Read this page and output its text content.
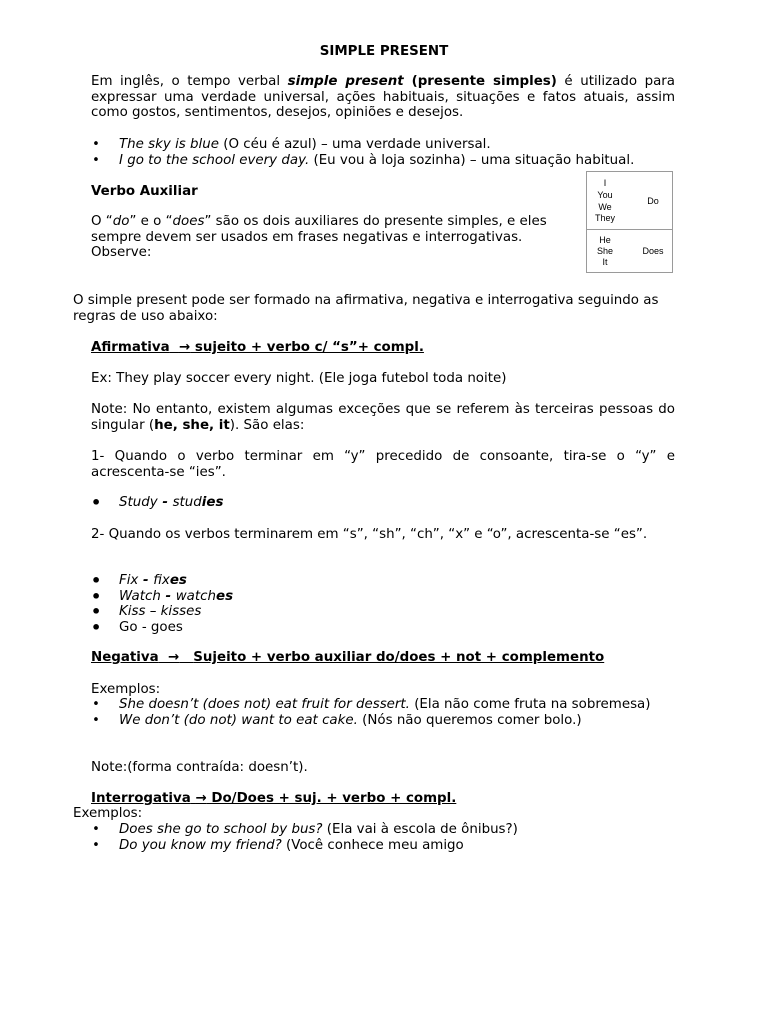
SIMPLE PRESENT
Em inglês, o tempo verbal simple present (presente simples) é utilizado para expressar uma verdade universal, ações habituais, situações e fatos atuais, assim como gostos, sentimentos, desejos, opiniões e desejos.
• The sky is blue (O céu é azul) – uma verdade universal.
• I go to the school every day. (Eu vou à loja sozinha) – uma situação habitual.
Verbo Auxiliar
O “do” e o “does” são os dois auxiliares do presente simples, e eles sempre devem ser usados em frases negativas e interrogativas. Observe:
I
You
We
They
Do
He
She
It
Does
O simple present pode ser formado na afirmativa, negativa e interrogativa seguindo as regras de uso abaixo:
Afirmativa → sujeito + verbo c/ “s”+ compl.
Ex: They play soccer every night. (Ele joga futebol toda noite)
Note: No entanto, existem algumas exceções que se referem às terceiras pessoas do singular (he, she, it). São elas:
1- Quando o verbo terminar em “y” precedido de consoante, tira-se o “y” e acrescenta-se “ies”.
• Study - studies
2- Quando os verbos terminarem em “s”, “sh”, “ch”, “x” e “o”, acrescenta-se “es”.
• Fix - fixes
• Watch - watches
• Kiss – kisses
• Go - goes
Negativa → Sujeito + verbo auxiliar do/does + not + complemento
Exemplos:
• She doesn’t (does not) eat fruit for dessert. (Ela não come fruta na sobremesa)
• We don’t (do not) want to eat cake. (Nós não queremos comer bolo.)
Note:(forma contraída: doesn’t).
Interrogativa → Do/Does + suj. + verbo + compl.
Exemplos:
• Does she go to school by bus? (Ela vai à escola de ônibus?)
• Do you know my friend? (Você conhece meu amigo
